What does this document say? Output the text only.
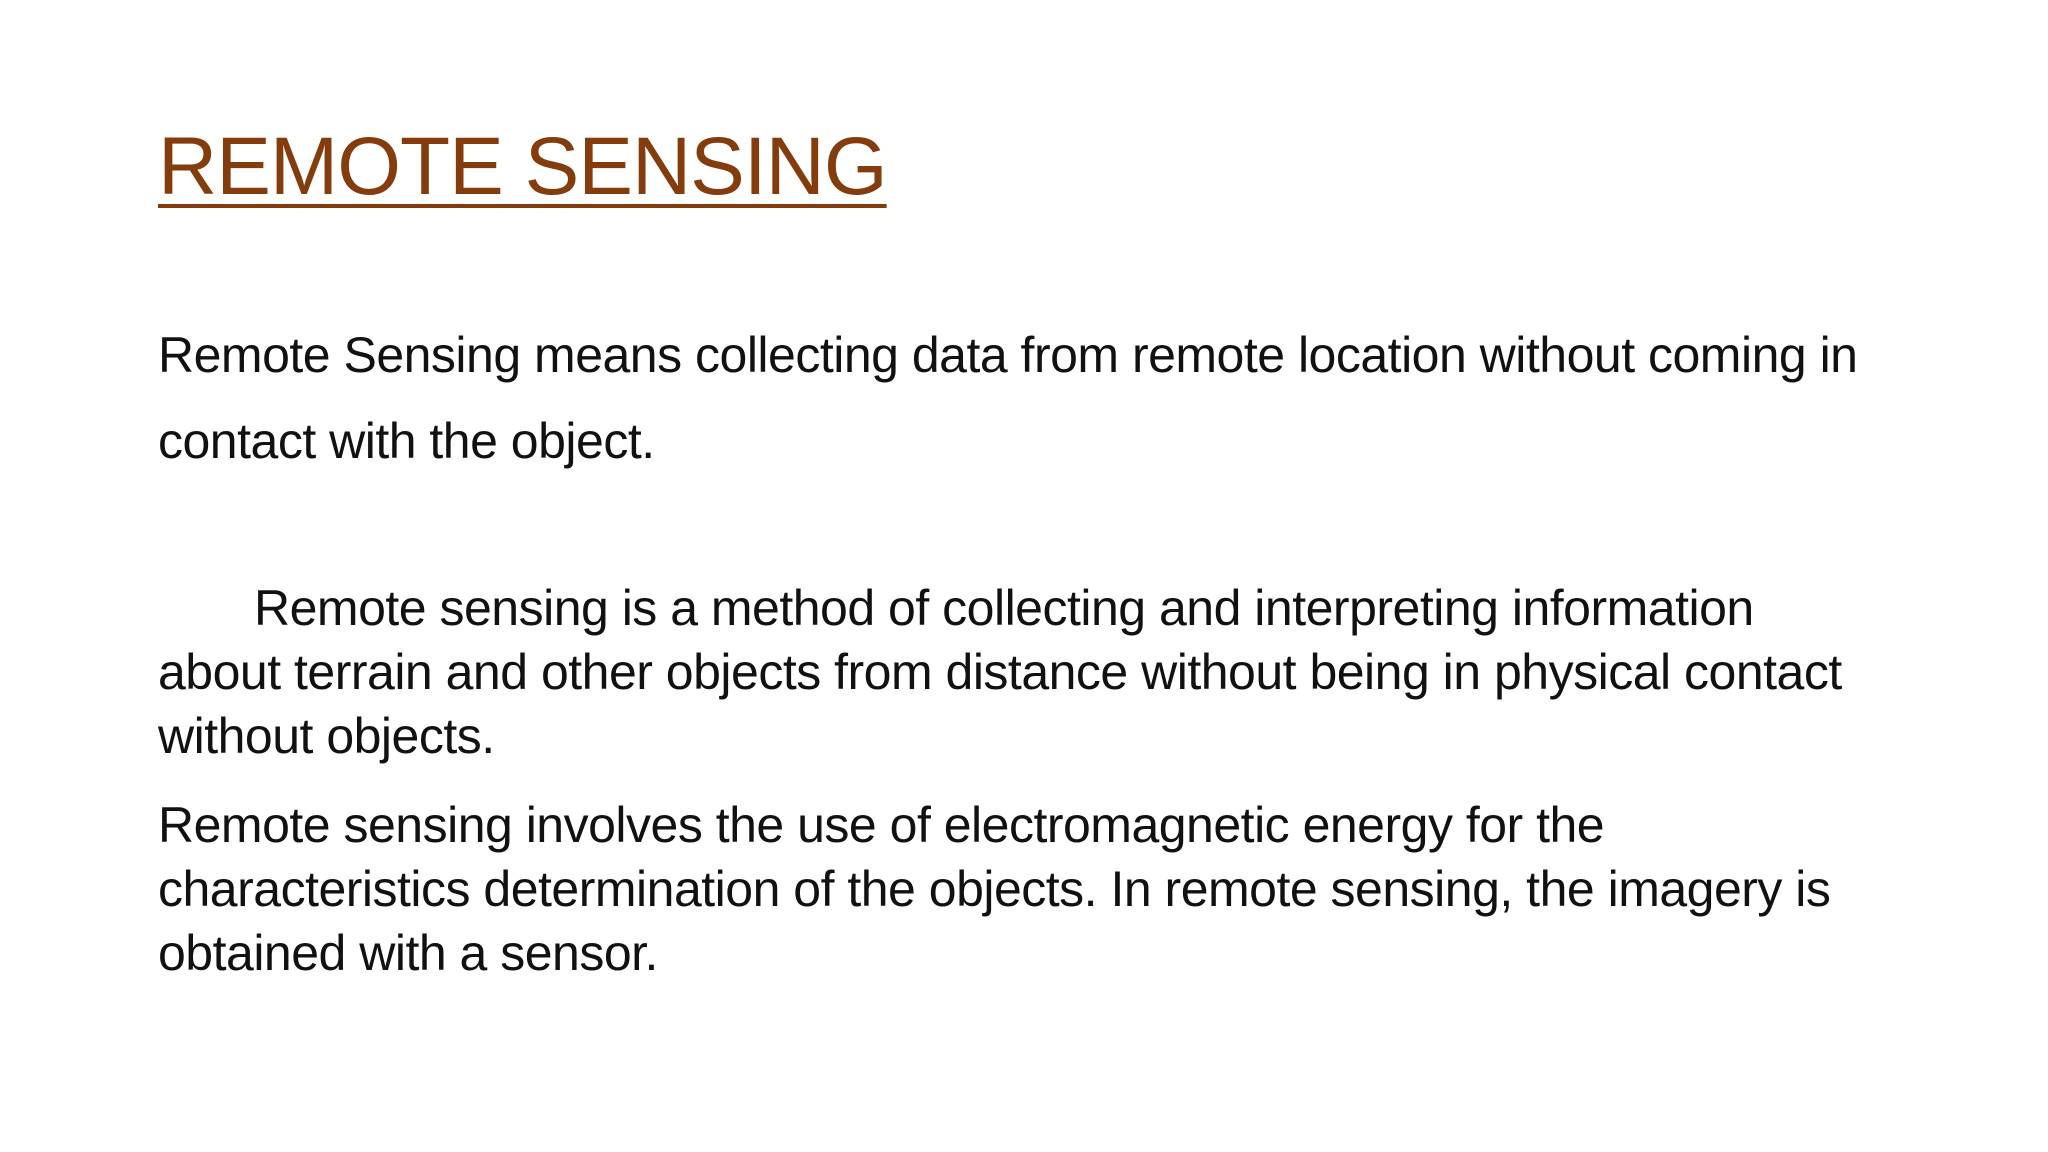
REMOTE SENSING

Remote Sensing means collecting data from remote location without coming in contact with the object.

Remote sensing is a method of collecting and interpreting information about terrain and other objects from distance without being in physical contact without objects.

Remote sensing involves the use of electromagnetic energy for the characteristics determination of the objects. In remote sensing, the imagery is obtained with a sensor.
